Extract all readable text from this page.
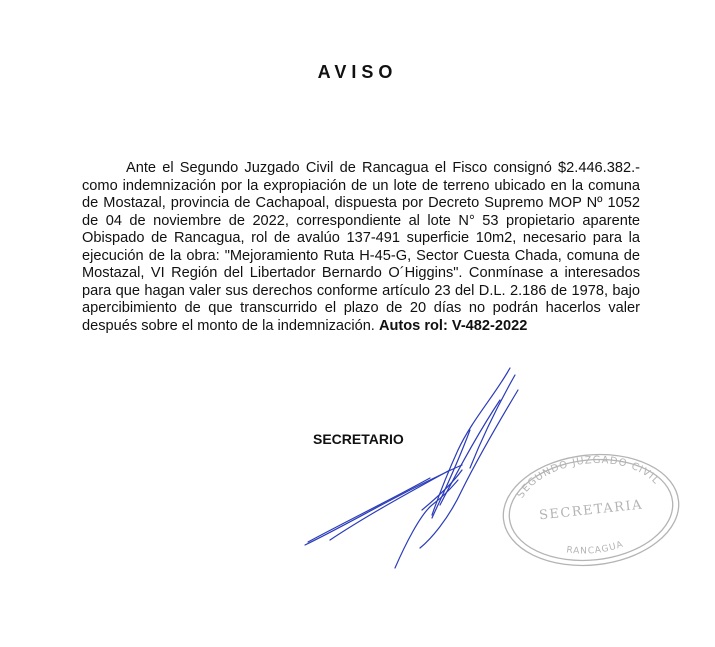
AVISO

Ante el Segundo Juzgado Civil de Rancagua el Fisco consignó $2.446.382.- como indemnización por la expropiación de un lote de terreno ubicado en la comuna de Mostazal, provincia de Cachapoal, dispuesta por Decreto Supremo MOP Nº 1052 de 04 de noviembre de 2022, correspondiente al lote N° 53 propietario aparente Obispado de Rancagua, rol de avalúo 137-491 superficie 10m2, necesario para la ejecución de la obra: "Mejoramiento Ruta H-45-G, Sector Cuesta Chada, comuna de Mostazal, VI Región del Libertador Bernardo O´Higgins". Conmínase a interesados para que hagan valer sus derechos conforme artículo 23 del D.L. 2.186 de 1978, bajo apercibimiento de que transcurrido el plazo de 20 días no podrán hacerlos valer después sobre el monto de la indemnización. Autos rol: V-482-2022

SECRETARIO

SEGUNDO JUZGADO CIVIL
SECRETARIA
RANCAGUA
